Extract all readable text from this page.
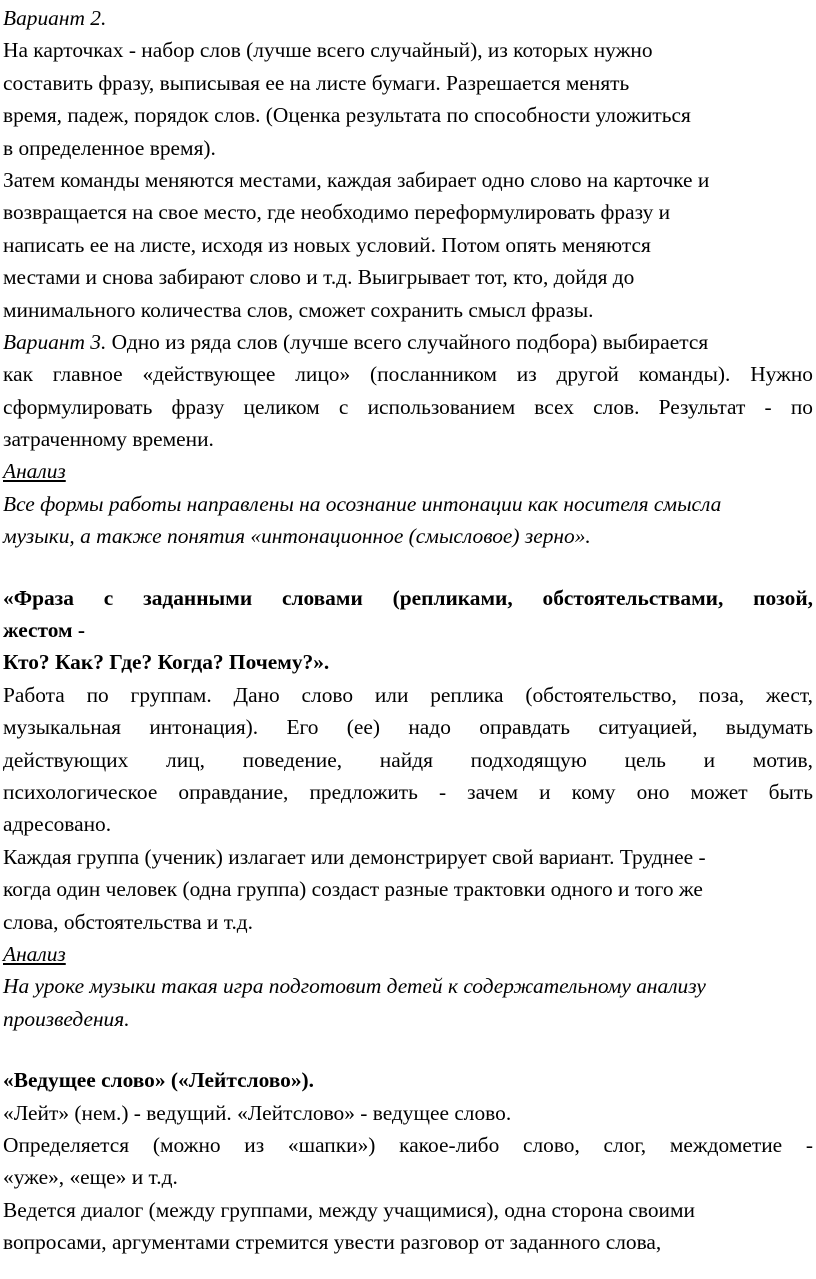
Вариант 2.
На карточках - набор слов (лучше всего случайный), из которых нужно
составить фразу, выписывая ее на листе бумаги. Разрешается менять
время, падеж, порядок слов. (Оценка результата по способности уложиться
в определенное время).
Затем команды меняются местами, каждая забирает одно слово на карточке и
возвращается на свое место, где необходимо переформулировать фразу и
написать ее на листе, исходя из новых условий. Потом опять меняются
местами и снова забирают слово и т.д. Выигрывает тот, кто, дойдя до
минимального количества слов, сможет сохранить смысл фразы.
Вариант 3. Одно из ряда слов (лучше всего случайного подбора) выбирается
как главное «действующее лицо» (посланником из другой команды). Нужно
сформулировать фразу целиком с использованием всех слов. Результат - по
затраченному времени.
Анализ
Все формы работы направлены на осознание интонации как носителя смысла
музыки, а также понятия «интонационное (смысловое) зерно».
«Фраза с заданными словами (репликами, обстоятельствами, позой,
жестом -
Кто? Как? Где? Когда? Почему?».
Работа по группам. Дано слово или реплика (обстоятельство, поза, жест,
музыкальная интонация). Его (ее) надо оправдать ситуацией, выдумать
действующих лиц, поведение, найдя подходящую цель и мотив,
психологическое оправдание, предложить - зачем и кому оно может быть
адресовано.
Каждая группа (ученик) излагает или демонстрирует свой вариант. Труднее -
когда один человек (одна группа) создаст разные трактовки одного и того же
слова, обстоятельства и т.д.
Анализ
На уроке музыки такая игра подготовит детей к содержательному анализу
произведения.
«Ведущее слово» («Лейтслово»).
«Лейт» (нем.) - ведущий. «Лейтслово» - ведущее слово.
Определяется (можно из «шапки») какое-либо слово, слог, междометие -
«уже», «еще» и т.д.
Ведется диалог (между группами, между учащимися), одна сторона своими
вопросами, аргументами стремится увести разговор от заданного слова,
